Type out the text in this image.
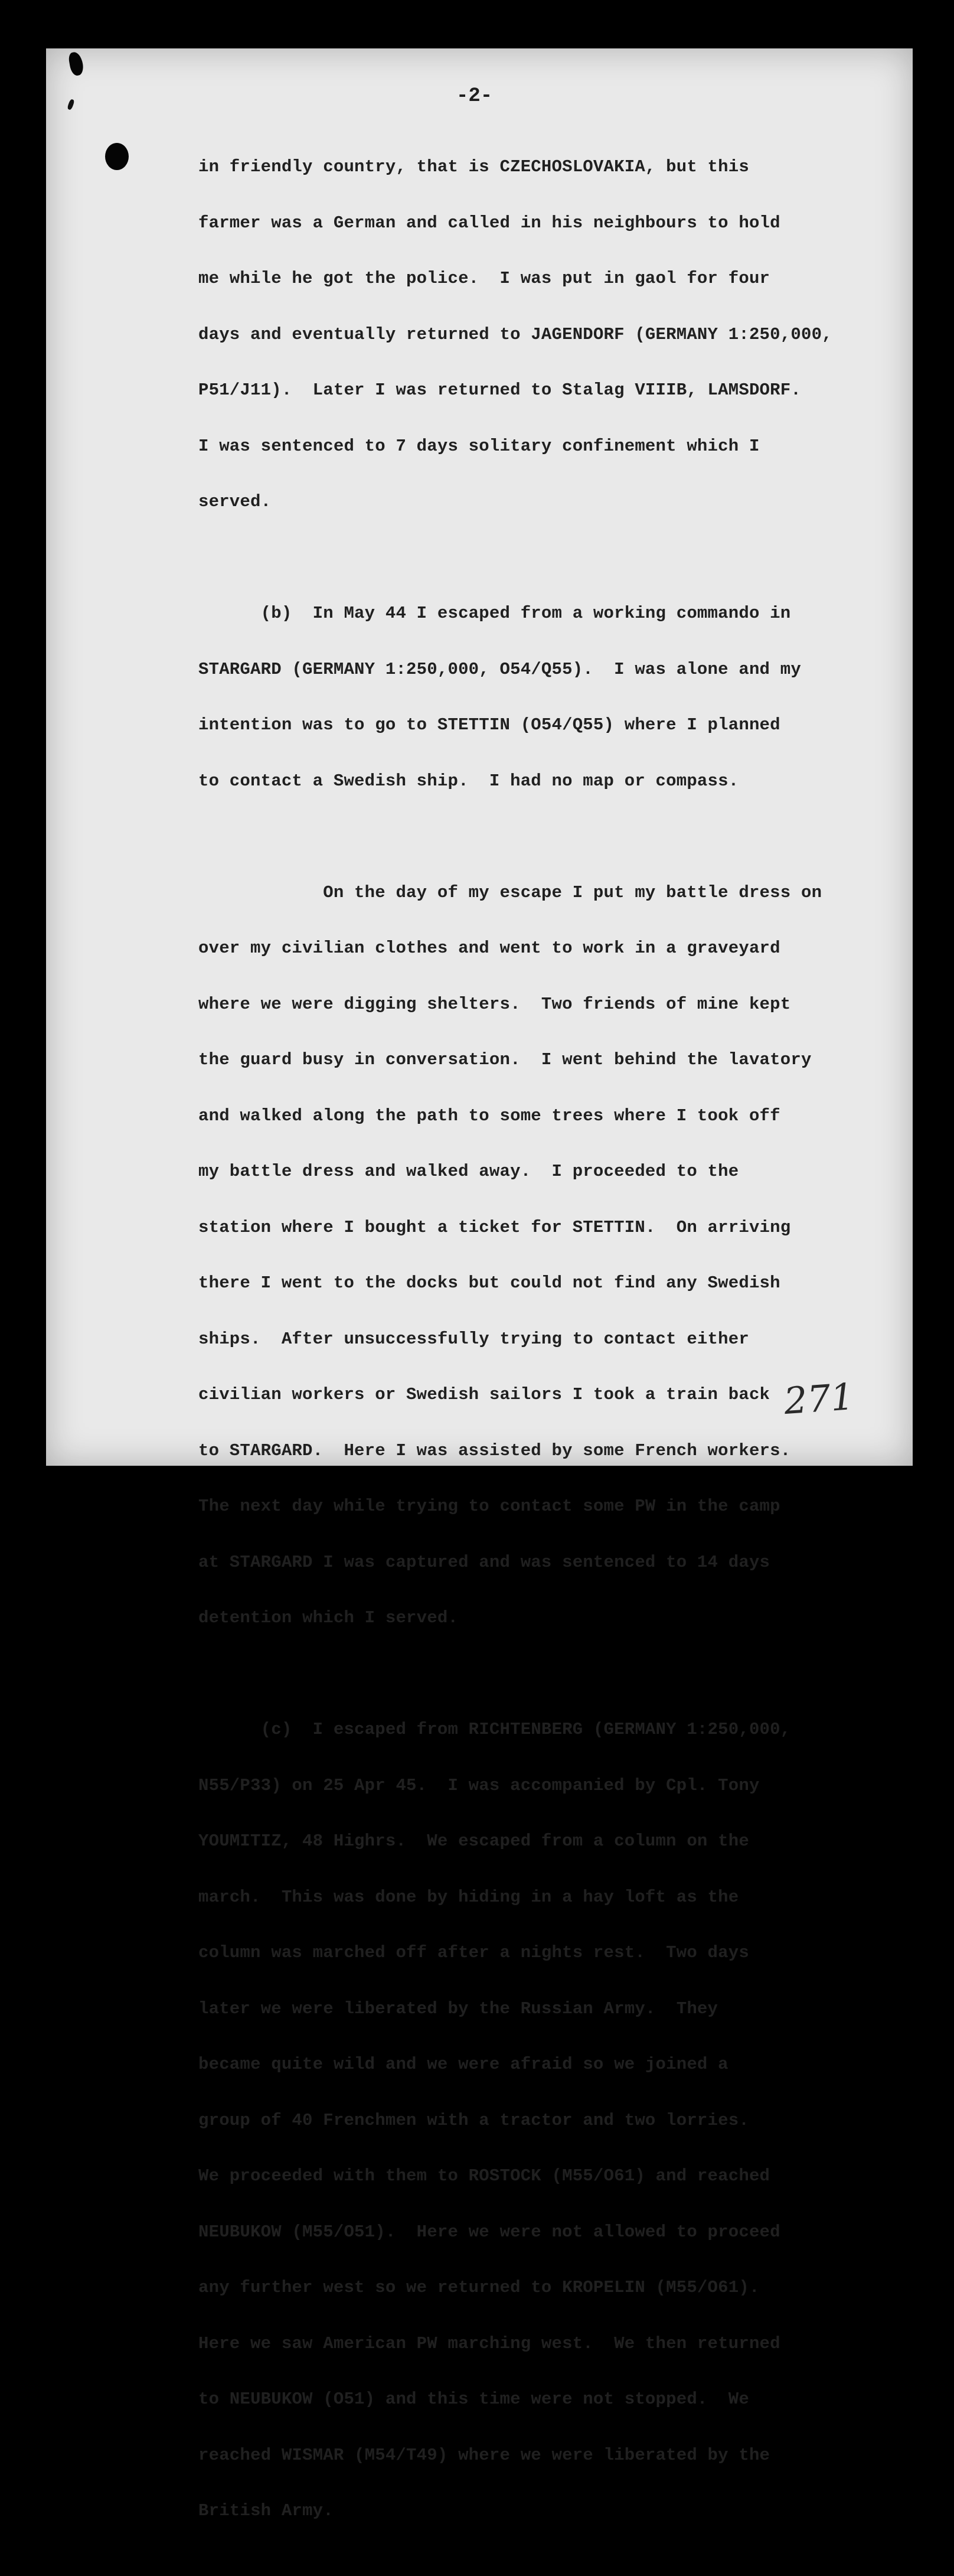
-2-

in friendly country, that is CZECHOSLOVAKIA, but this

farmer was a German and called in his neighbours to hold

me while he got the police.  I was put in gaol for four

days and eventually returned to JAGENDORF (GERMANY 1:250,000,

P51/J11).  Later I was returned to Stalag VIIIB, LAMSDORF.

I was sentenced to 7 days solitary confinement which I

served.

(b)  In May 44 I escaped from a working commando in

STARGARD (GERMANY 1:250,000, O54/Q55).  I was alone and my

intention was to go to STETTIN (O54/Q55) where I planned

to contact a Swedish ship.  I had no map or compass.

On the day of my escape I put my battle dress on

over my civilian clothes and went to work in a graveyard

where we were digging shelters.  Two friends of mine kept

the guard busy in conversation.  I went behind the lavatory

and walked along the path to some trees where I took off

my battle dress and walked away.  I proceeded to the

station where I bought a ticket for STETTIN.  On arriving

there I went to the docks but could not find any Swedish

ships.  After unsuccessfully trying to contact either

civilian workers or Swedish sailors I took a train back

to STARGARD.  Here I was assisted by some French workers.

The next day while trying to contact some PW in the camp

at STARGARD I was captured and was sentenced to 14 days

detention which I served.

(c)  I escaped from RICHTENBERG (GERMANY 1:250,000,

N55/P33) on 25 Apr 45.  I was accompanied by Cpl. Tony

YOUMITIZ, 48 Highrs.  We escaped from a column on the

march.  This was done by hiding in a hay loft as the

column was marched off after a nights rest.  Two days

later we were liberated by the Russian Army.  They

became quite wild and we were afraid so we joined a

group of 40 Frenchmen with a tractor and two lorries.

We proceeded with them to ROSTOCK (M55/O61) and reached

NEUBUKOW (M55/O51).  Here we were not allowed to proceed

any further west so we returned to KROPELIN (M55/O61).

Here we saw American PW marching west.  We then returned

to NEUBUKOW (O51) and this time were not stopped.  We

reached WISMAR (M54/T49) where we were liberated by the

British Army.

271
